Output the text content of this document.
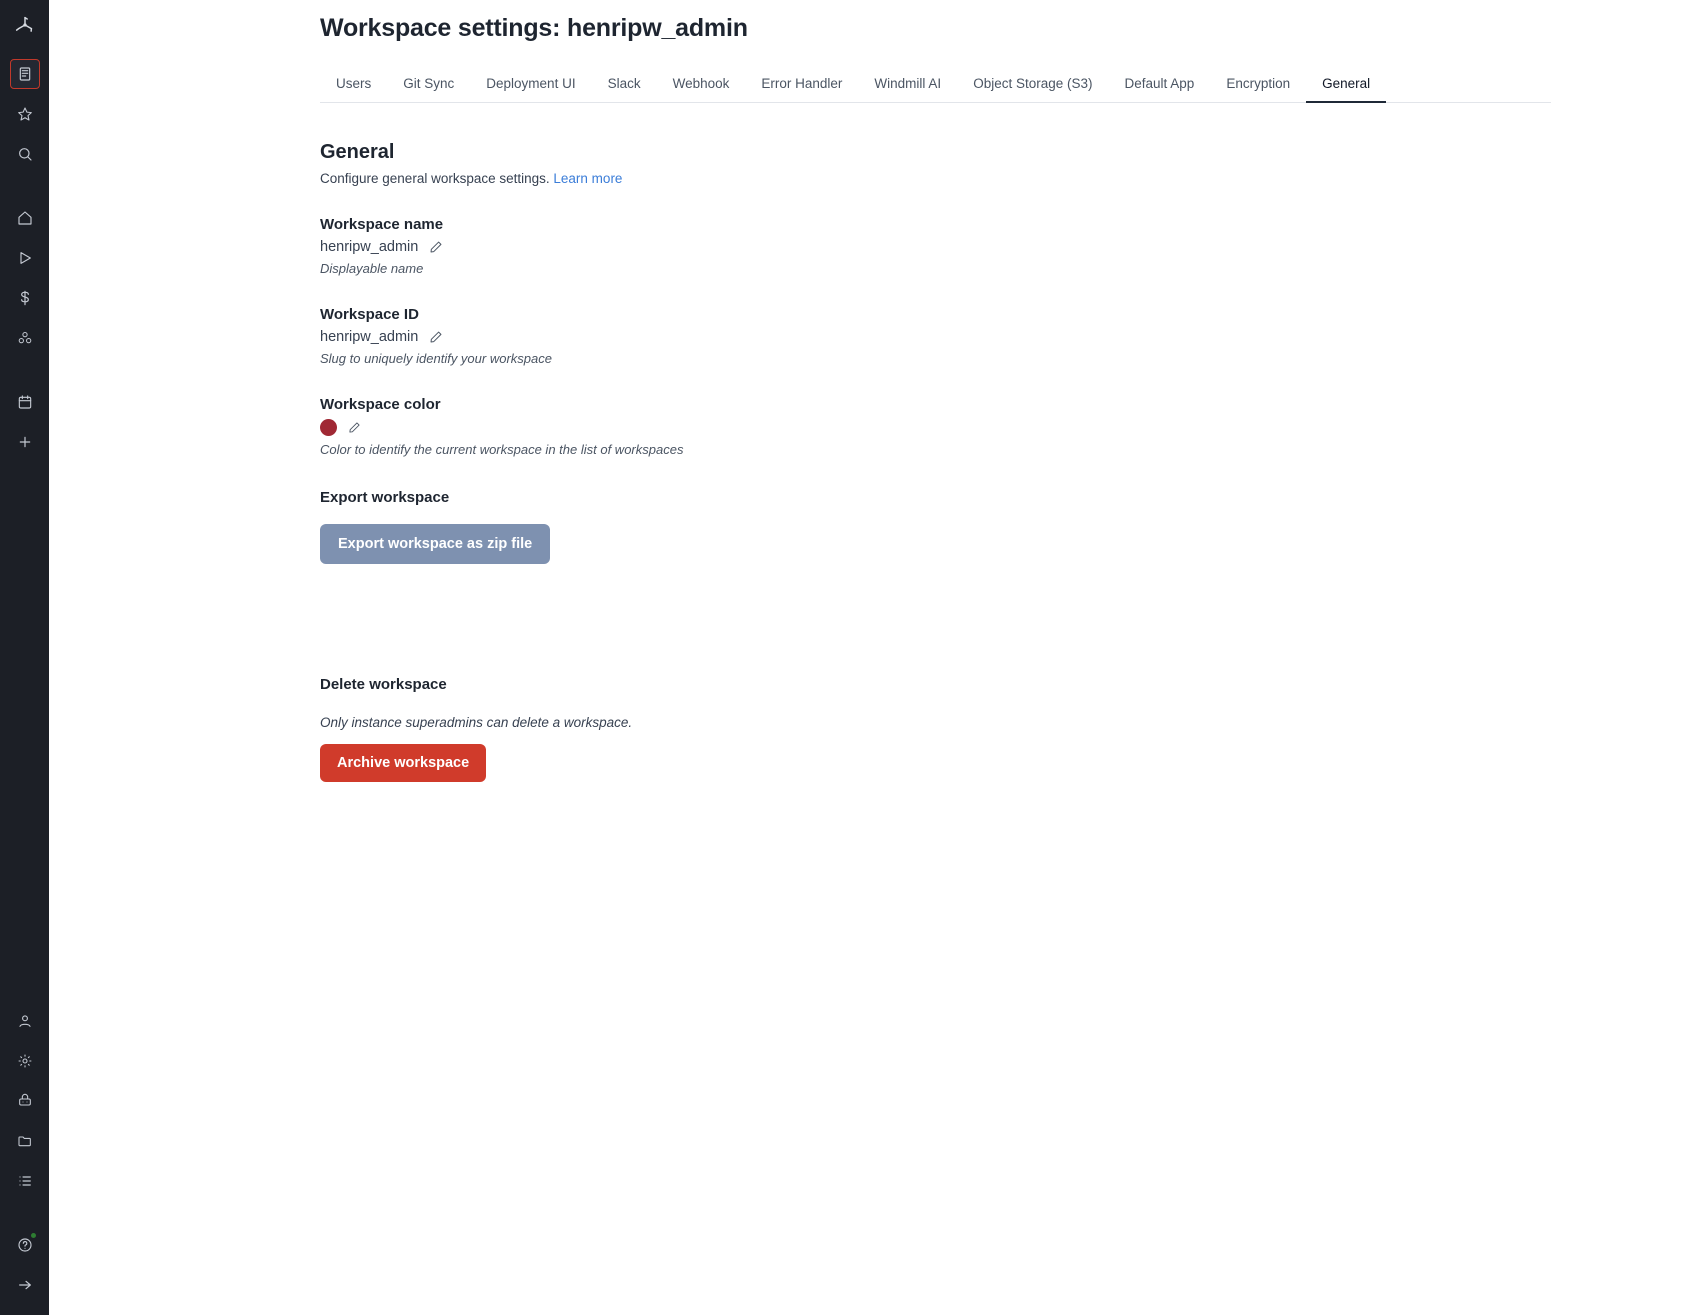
Workspace settings: henripw_admin
Users	Git Sync	Deployment UI	Slack	Webhook	Error Handler	Windmill AI	Object Storage (S3)	Default App	Encryption	General
General
Configure general workspace settings. Learn more
Workspace name
henripw_admin
Displayable name
Workspace ID
henripw_admin
Slug to uniquely identify your workspace
Workspace color
Color to identify the current workspace in the list of workspaces
Export workspace
Export workspace as zip file
Delete workspace
Only instance superadmins can delete a workspace.
Archive workspace
